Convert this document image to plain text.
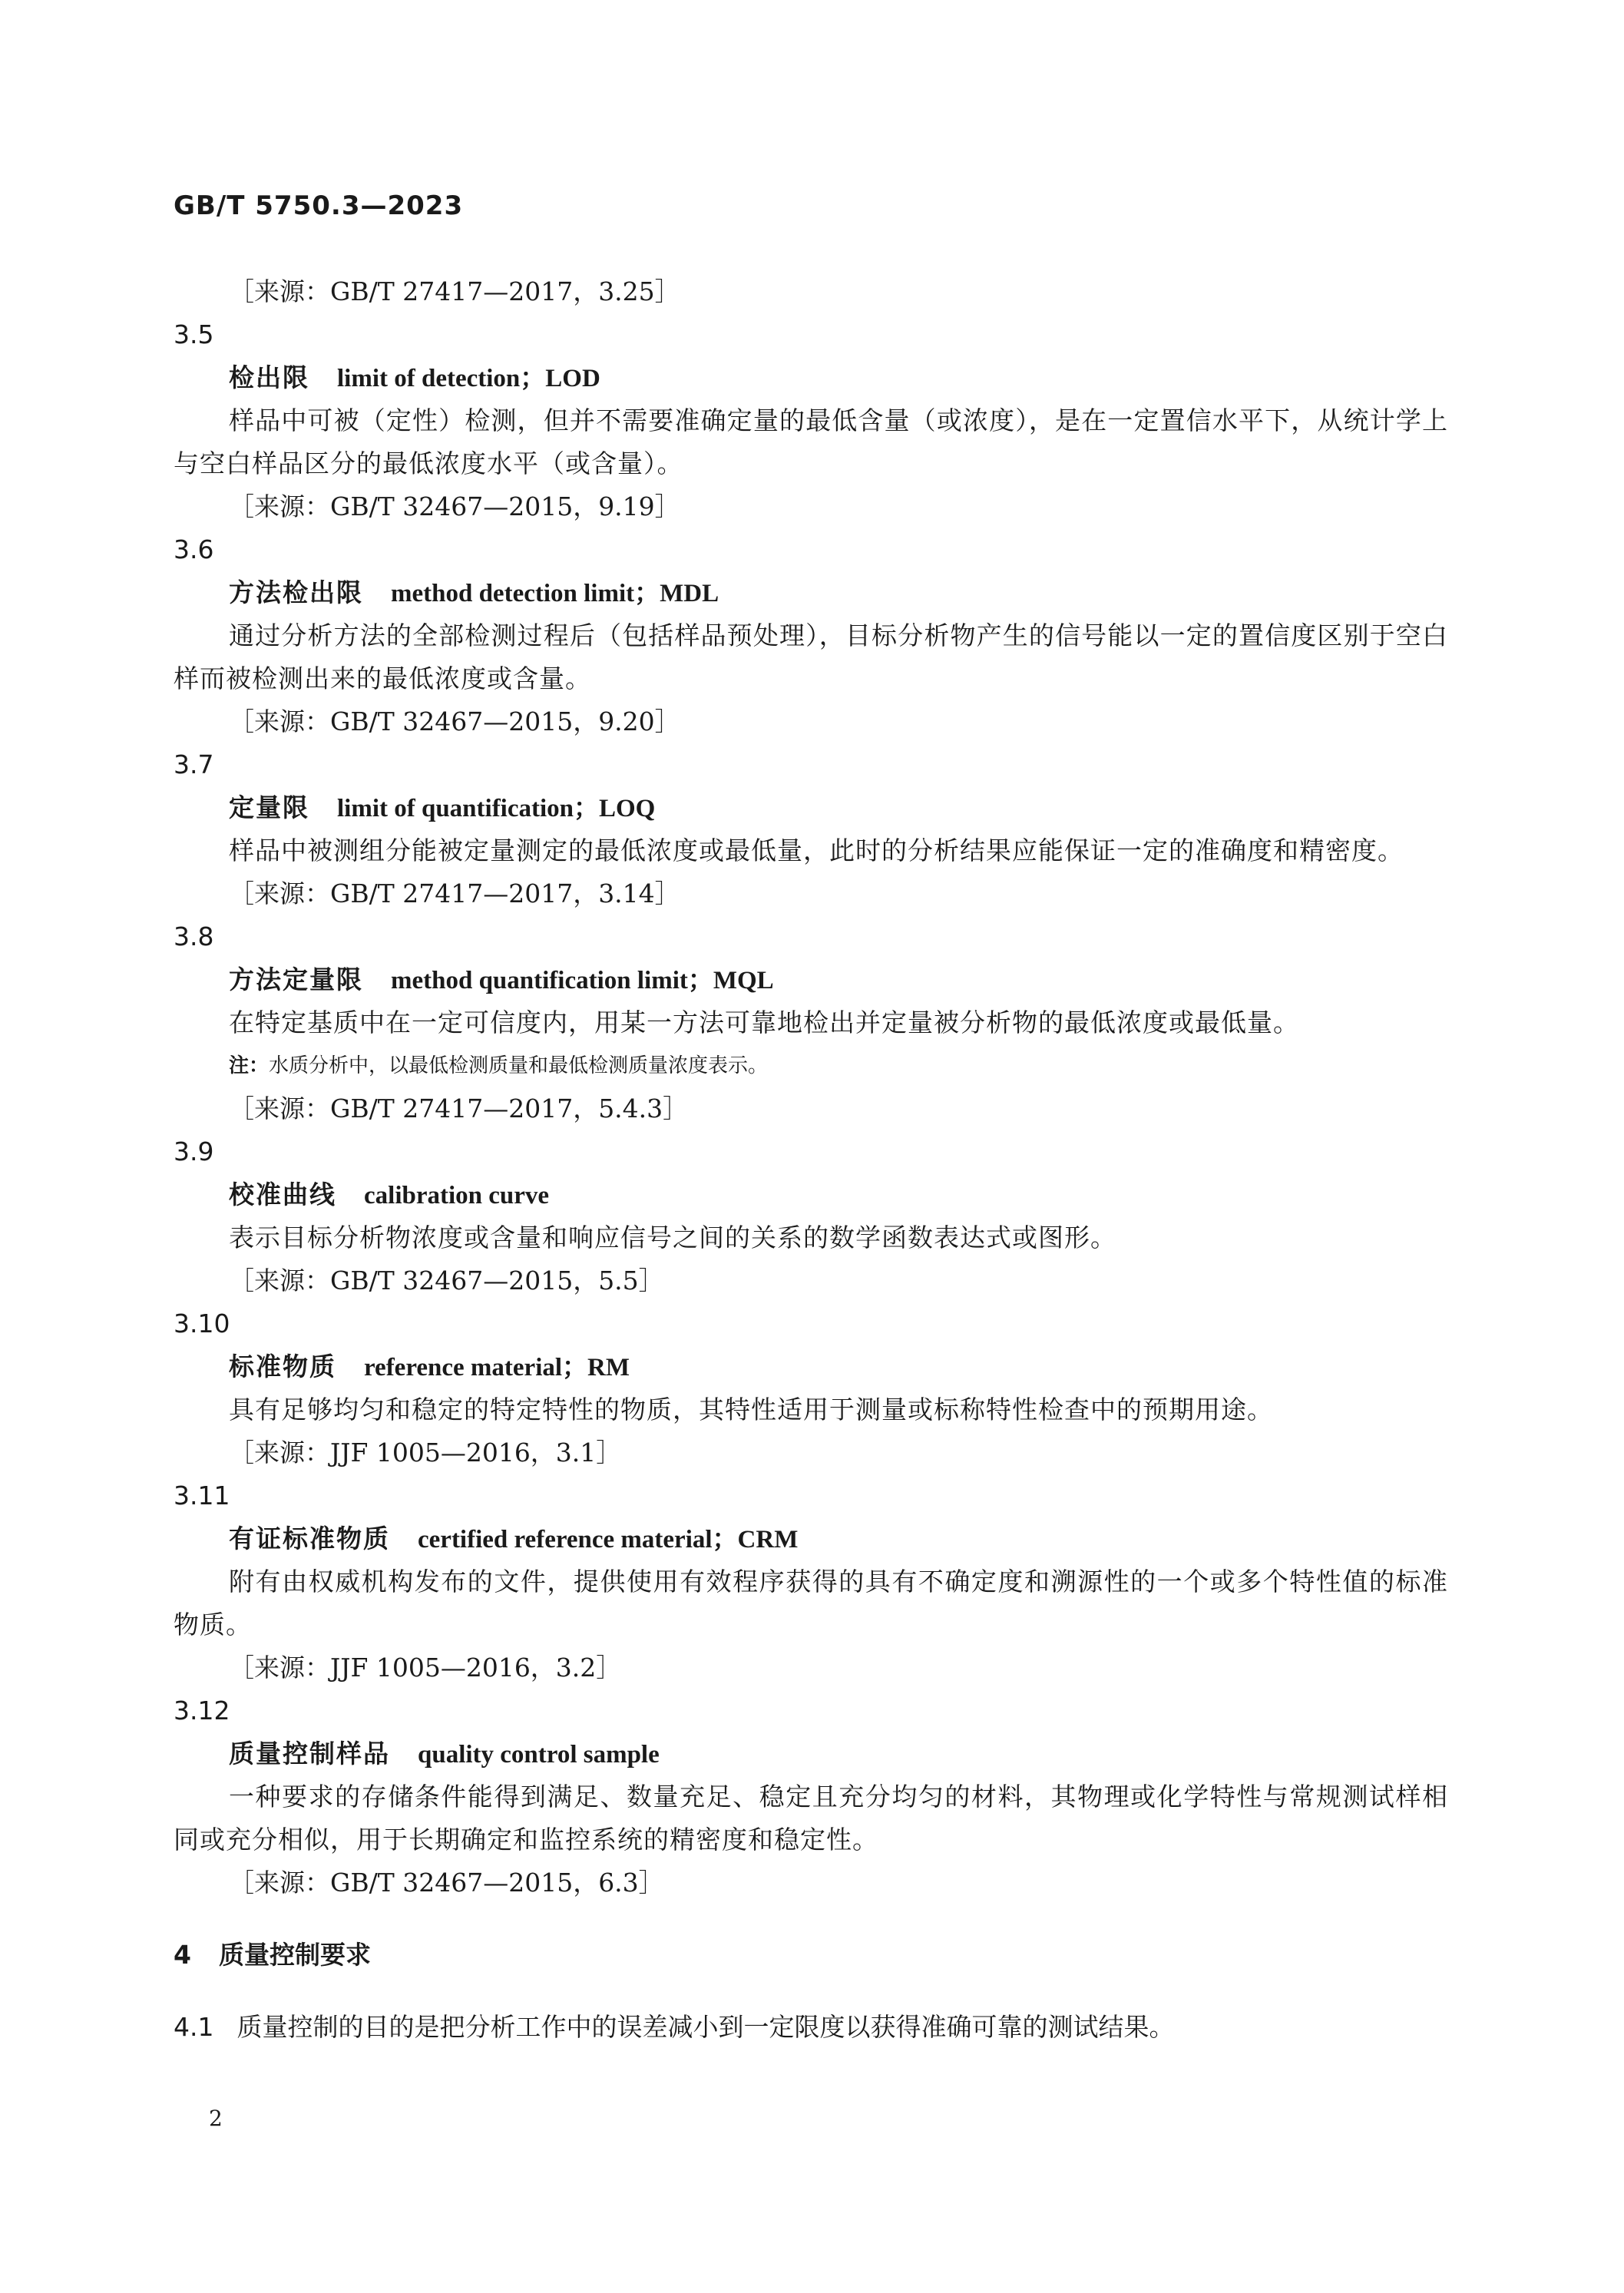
GB/T 5750.3—2023
［来源：GB/T 27417—2017，3.25］
3.5
检出限 limit of detection；LOD
样品中可被（定性）检测，但并不需要准确定量的最低含量（或浓度），是在一定置信水平下，从统计学上与空白样品区分的最低浓度水平（或含量）。
［来源：GB/T 32467—2015，9.19］
3.6
方法检出限 method detection limit；MDL
通过分析方法的全部检测过程后（包括样品预处理），目标分析物产生的信号能以一定的置信度区别于空白样而被检测出来的最低浓度或含量。
［来源：GB/T 32467—2015，9.20］
3.7
定量限 limit of quantification；LOQ
样品中被测组分能被定量测定的最低浓度或最低量，此时的分析结果应能保证一定的准确度和精密度。
［来源：GB/T 27417—2017，3.14］
3.8
方法定量限 method quantification limit；MQL
在特定基质中在一定可信度内，用某一方法可靠地检出并定量被分析物的最低浓度或最低量。
注：水质分析中，以最低检测质量和最低检测质量浓度表示。
［来源：GB/T 27417—2017，5.4.3］
3.9
校准曲线 calibration curve
表示目标分析物浓度或含量和响应信号之间的关系的数学函数表达式或图形。
［来源：GB/T 32467—2015，5.5］
3.10
标准物质 reference material；RM
具有足够均匀和稳定的特定特性的物质，其特性适用于测量或标称特性检查中的预期用途。
［来源：JJF 1005—2016，3.1］
3.11
有证标准物质 certified reference material；CRM
附有由权威机构发布的文件，提供使用有效程序获得的具有不确定度和溯源性的一个或多个特性值的标准物质。
［来源：JJF 1005—2016，3.2］
3.12
质量控制样品 quality control sample
一种要求的存储条件能得到满足、数量充足、稳定且充分均匀的材料，其物理或化学特性与常规测试样相同或充分相似，用于长期确定和监控系统的精密度和稳定性。
［来源：GB/T 32467—2015，6.3］
4 质量控制要求
4.1 质量控制的目的是把分析工作中的误差减小到一定限度以获得准确可靠的测试结果。
2
